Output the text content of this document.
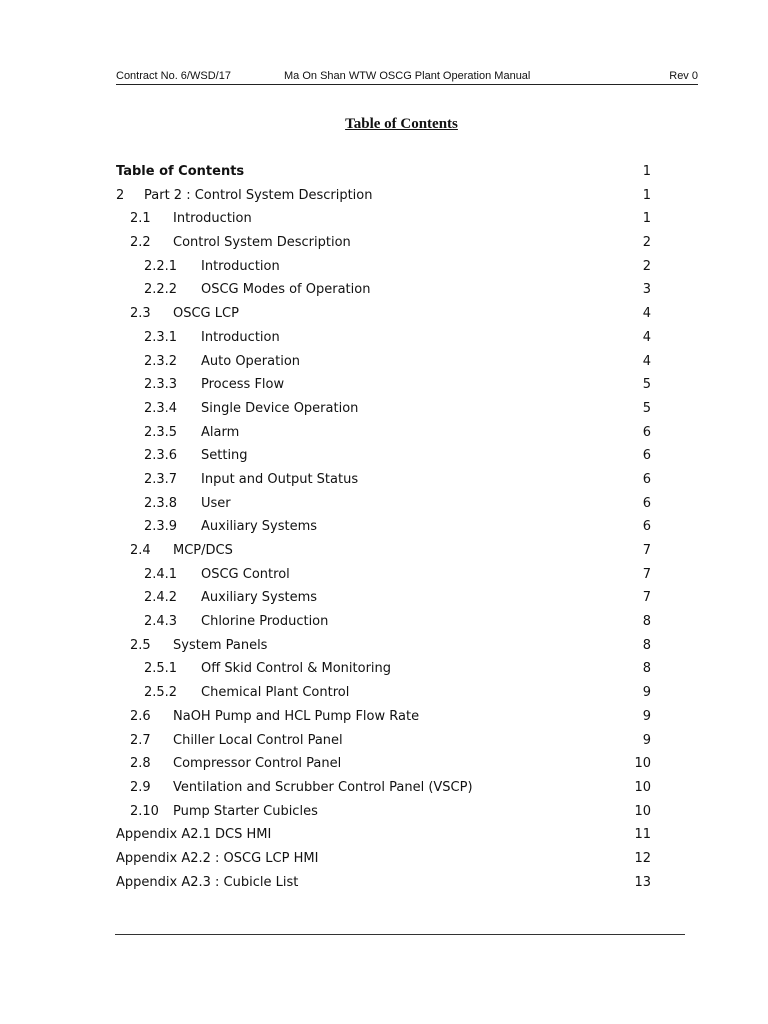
Contract No. 6/WSD/17	Ma On Shan WTW OSCG Plant Operation Manual	Rev 0
Table of Contents
Table of Contents	1
2 Part 2 : Control System Description	1
2.1 Introduction	1
2.2 Control System Description	2
2.2.1 Introduction	2
2.2.2 OSCG Modes of Operation	3
2.3 OSCG LCP	4
2.3.1 Introduction	4
2.3.2 Auto Operation	4
2.3.3 Process Flow	5
2.3.4 Single Device Operation	5
2.3.5 Alarm	6
2.3.6 Setting	6
2.3.7 Input and Output Status	6
2.3.8 User	6
2.3.9 Auxiliary Systems	6
2.4 MCP/DCS	7
2.4.1 OSCG Control	7
2.4.2 Auxiliary Systems	7
2.4.3 Chlorine Production	8
2.5 System Panels	8
2.5.1 Off Skid Control & Monitoring	8
2.5.2 Chemical Plant Control	9
2.6 NaOH Pump and HCL Pump Flow Rate	9
2.7 Chiller Local Control Panel	9
2.8 Compressor Control Panel	10
2.9 Ventilation and Scrubber Control Panel (VSCP)	10
2.10 Pump Starter Cubicles	10
Appendix A2.1 DCS HMI	11
Appendix A2.2 : OSCG LCP HMI	12
Appendix A2.3 : Cubicle List	13
